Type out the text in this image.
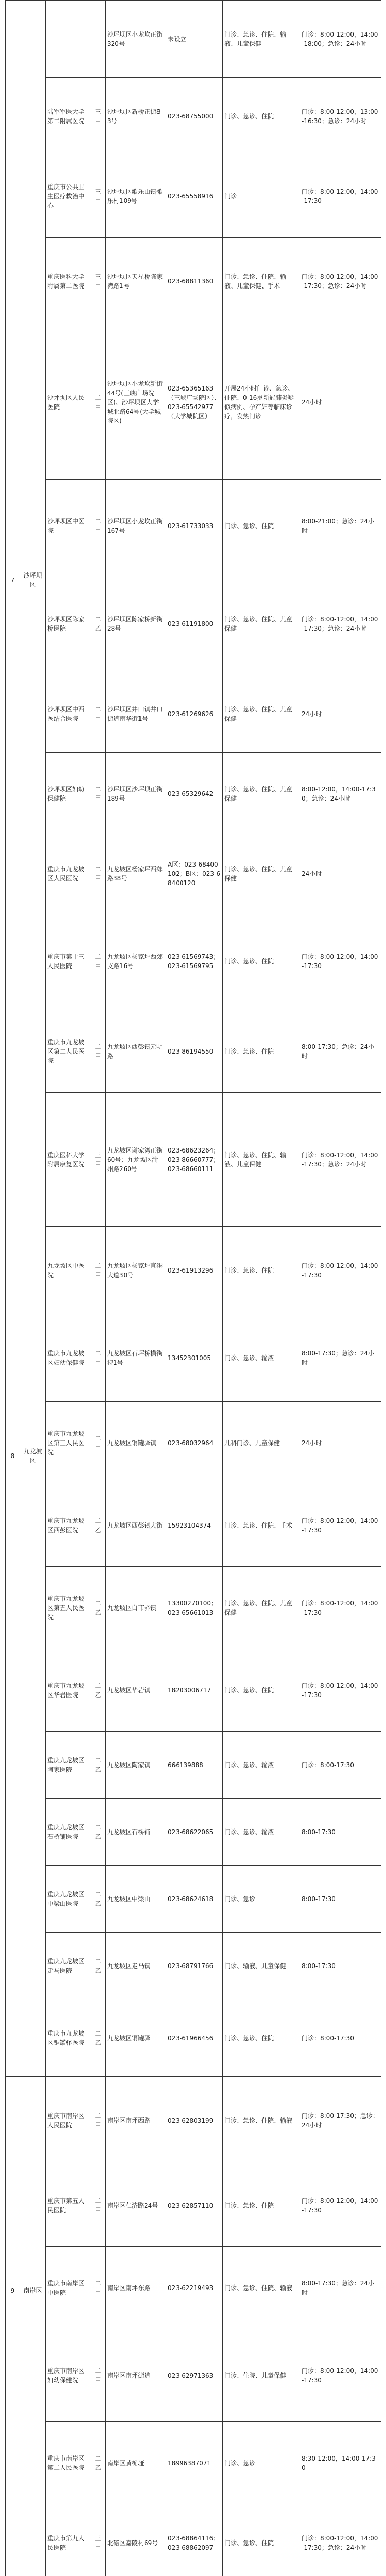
				沙坪坝区小龙坎正街320号	未设立	门诊、急诊、住院、输液、儿童保健	门诊：8:00-12:00，14:00-18:00；急诊：24小时
		陆军军医大学第二附属医院	三甲	沙坪坝区新桥正街83号	023-68755000	门诊、急诊、住院	门诊：8:00-12:00，13:00-16:30；急诊：24小时
		重庆市公共卫生医疗救治中心	三甲	沙坪坝区歌乐山镇歌乐村109号	023-65558916	门诊	门诊：8:00-12:00，14:00-17:30
		重庆医科大学附属第二医院	三甲	沙坪坝区天星桥陈家湾路1号	023-68811360	门诊、急诊、住院、输液、儿童保健、手术	门诊：8:00-12:00，14:00-17:30；急诊：24小时
7	沙坪坝区	沙坪坝区人民医院	二甲	沙坪坝区小龙坎新街44号(三峡广场院区)、沙坪坝区大学城北路64号(大学城院区)	023-65365163（三峡广场院区）、023-65542977（大学城院区）	开展24小时门诊、急诊、住院、0-16岁新冠肺炎疑似病例、孕产妇等临床诊疗，发热门诊	24小时
		沙坪坝区中医院	二甲	沙坪坝区小龙坎正街167号	023-61733033	门诊、急诊、住院	8:00-21:00；急诊：24小时
		沙坪坝区陈家桥医院	二乙	沙坪坝区陈家桥新街28号	023-61191800	门诊、急诊、住院、儿童保健	门诊：8:00-12:00，14:00-17:30；急诊：24小时
		沙坪坝区中西医结合医院	二甲	沙坪坝区井口镇井口街道南华街1号	023-61269626	门诊、急诊、住院、儿童保健	24小时
		沙坪坝区妇幼保健院	二甲	沙坪坝区沙坪坝正街189号	023-65329642	门诊、急诊、住院、儿童保健	8:00-12:00，14:00-17:30；急诊：24小时
8	九龙坡区	重庆市九龙坡区人民医院	二甲	九龙坡区杨家坪西郊路38号	A区：023-68400102；B区：023-68400120	门诊、急诊、住院、儿童保健	24小时
		重庆市第十三人民医院	二甲	九龙坡区杨家坪西郊支路16号	023-61569743；023-61569795	门诊、急诊、住院	门诊：8:00-12:00，14:00-17:30
		重庆市九龙坡区第二人民医院	二甲	九龙坡区西彭镇元明路	023-86194550	门诊、急诊、住院	8:00-17:30；急诊：24小时
		重庆医科大学附属康复医院	三甲	九龙坡区谢家湾正街60号；九龙坡区渝州路260号	023-68623264；023-86660777；023-68660111	门诊、急诊、住院、输液、儿童保健	门诊：8:00-12:00，14:00-17:30；急诊：24小时
		九龙坡区中医院	二甲	九龙坡区杨家坪直港大道30号	023-61913296	门诊、急诊、住院	门诊：8:00-12:00，14:00-17:30
		重庆市九龙坡区妇幼保健院	二甲	九龙坡区石坪桥横街特1号	13452301005	门诊、急诊、输液	8:00-17:30；急诊：24小时
		重庆市九龙坡区第三人民医院	二甲	九龙坡区铜罐驿镇	023-68032964	儿科门诊、儿童保健	24小时
		重庆市九龙坡区西彭医院	二乙	九龙坡区西彭镇大街	15923104374	门诊、急诊、住院、手术	门诊：8:00-12:00，14:00-17:30
		重庆市九龙坡区第五人民医院	二乙	九龙坡区白市驿镇	13300270100；023-65661013	门诊、急诊、住院、儿童保健	门诊：8:00-12:00，14:00-17:30
		重庆市九龙坡区华岩医院	二乙	九龙坡区华岩镇	18203006717	门诊、急诊、住院	门诊：8:00-12:00，14:00-17:30
		重庆九龙坡区陶家医院	二乙	九龙坡区陶家镇	666139888	门诊、急诊、输液	门诊：8:00-17:30
		重庆九龙坡区石桥铺医院	二乙	九龙坡区石桥铺	023-68622065	门诊、急诊、输液	8:00-17:30
		重庆九龙坡区中梁山医院	二乙	九龙坡区中梁山	023-68624618	门诊、急诊	8:00-17:30
		重庆九龙坡区走马医院	二乙	九龙坡区走马镇	023-68791766	门诊、输液、儿童保健	8:00-17:30
		重庆市九龙坡区铜罐驿医院	二乙	九龙坡区铜罐驿	023-61966456	门诊、急诊、住院	门诊：8:00-17:30
9	南岸区	重庆市南岸区人民医院	二甲	南岸区南坪西路	023-62803199	门诊、急诊、住院、输液	门诊：8:00-17:30；急诊：24小时
		重庆市第五人民医院	二甲	南岸区仁济路24号	023-62857110	门诊、急诊、住院	门诊：8:00-12:00，14:00-17:30
		重庆市南岸区中医院	二甲	南岸区南坪东路	023-62219493	门诊、急诊、住院、输液	8:00-17:30；急诊：24小时
		重庆市南岸区妇幼保健院	二甲	南岸区南坪街道	023-62971363	门诊、住院、儿童保健	门诊：8:00-12:00，14:00-17:30
		重庆市南岸区第二人民医院	二乙	南岸区黄桷垭	18996387071	门诊、急诊	8:30-12:00，14:00-17:30
		重庆市第九人民医院	三甲	北碚区嘉陵村69号	023-68864116；023-68862097	门诊、急诊、住院	门诊：8:00-12:00，14:00-17:30；急诊：24小时
